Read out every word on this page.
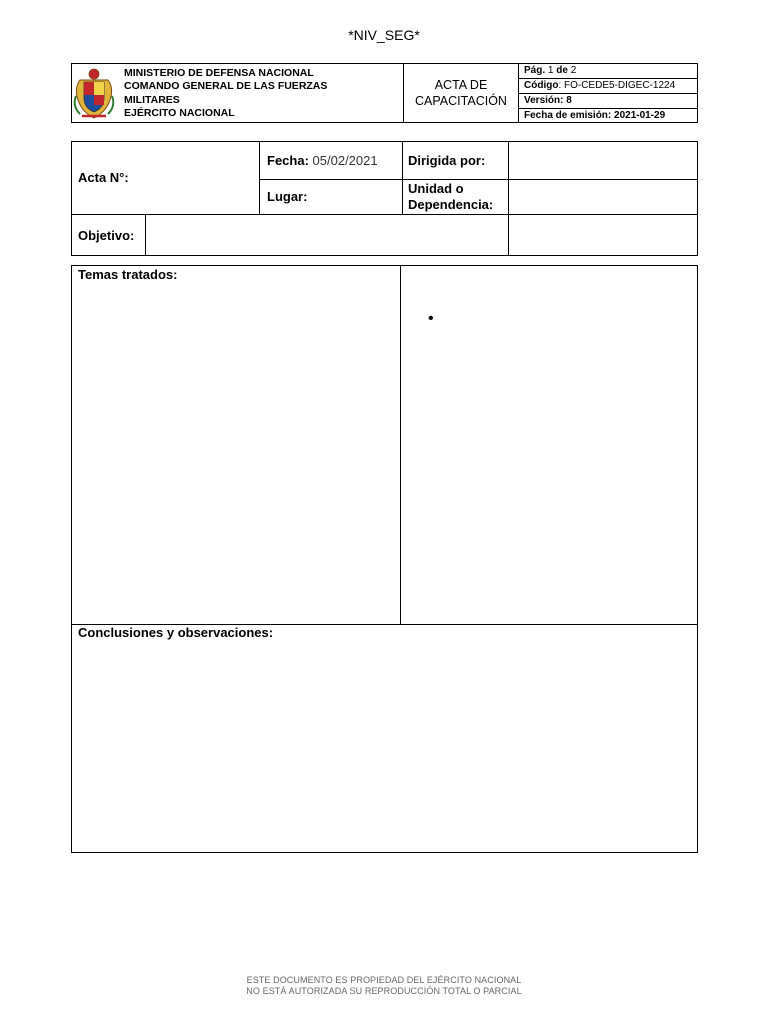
*NIV_SEG*
MINISTERIO DE DEFENSA NACIONAL
COMANDO GENERAL DE LAS FUERZAS
MILITARES
EJÉRCITO NACIONAL
ACTA DE
CAPACITACIÓN
Pág. 1 de 2
Código: FO-CEDE5-DIGEC-1224
Versión: 8
Fecha de emisión: 2021-01-29
Acta N°:
Fecha: 05/02/2021 Dirigida por:
Lugar:
Unidad o
Dependencia:
Objetivo:
Temas tratados:
•
Conclusiones y observaciones:
ESTE DOCUMENTO ES PROPIEDAD DEL EJÉRCITO NACIONAL
NO ESTÁ AUTORIZADA SU REPRODUCCIÓN TOTAL O PARCIAL
